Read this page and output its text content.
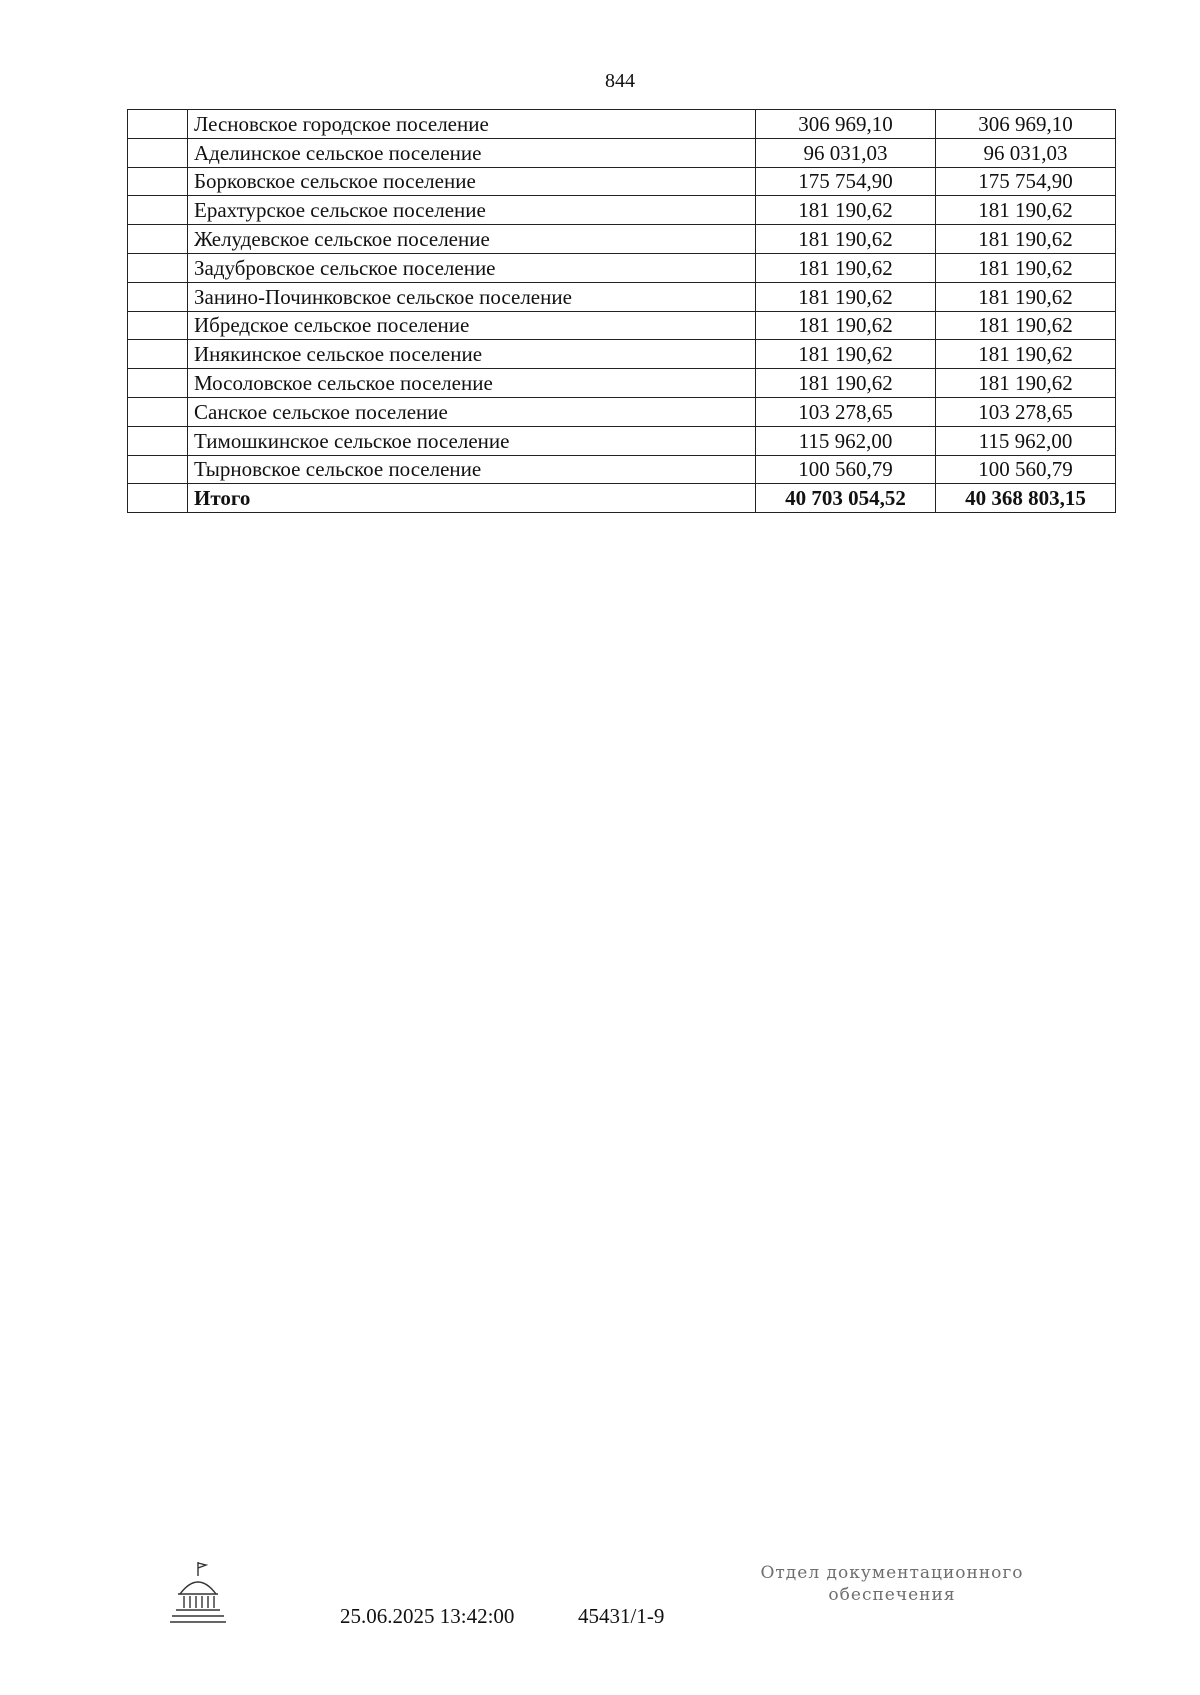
844
	Лесновское городское поселение	306 969,10	306 969,10
	Аделинское сельское поселение	96 031,03	96 031,03
	Борковское сельское поселение	175 754,90	175 754,90
	Ерахтурское сельское поселение	181 190,62	181 190,62
	Желудевское сельское поселение	181 190,62	181 190,62
	Задубровское сельское поселение	181 190,62	181 190,62
	Занино-Починковское сельское поселение	181 190,62	181 190,62
	Ибредское сельское поселение	181 190,62	181 190,62
	Инякинское сельское поселение	181 190,62	181 190,62
	Мосоловское сельское поселение	181 190,62	181 190,62
	Санское сельское поселение	103 278,65	103 278,65
	Тимошкинское сельское поселение	115 962,00	115 962,00
	Тырновское сельское поселение	100 560,79	100 560,79
	Итого	40 703 054,52	40 368 803,15
25.06.2025 13:42:00	45431/1-9
Отдел документационного
обеспечения
